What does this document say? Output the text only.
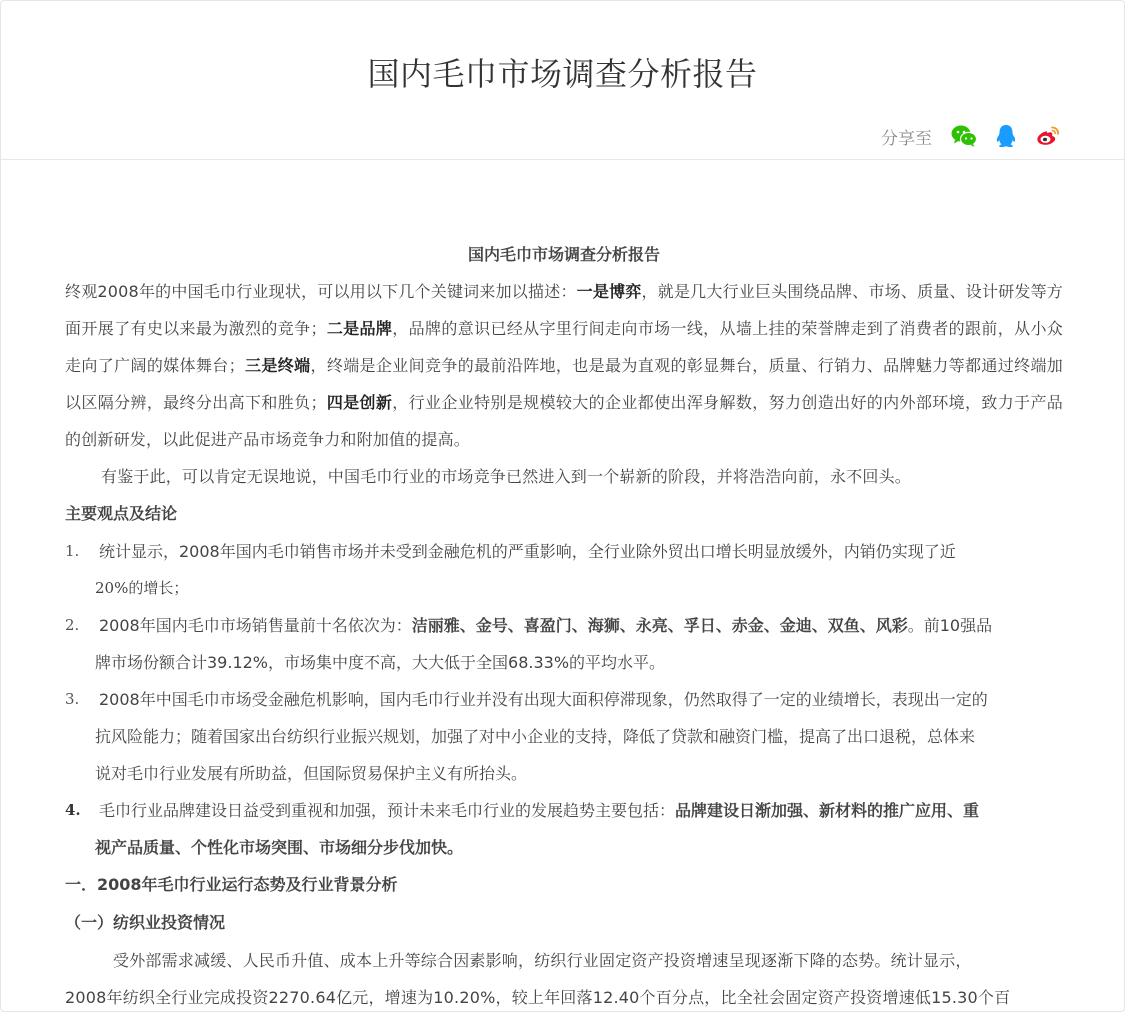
国内毛巾市场调查分析报告
分享至

国内毛巾市场调查分析报告

终观2008年的中国毛巾行业现状，可以用以下几个关键词来加以描述：一是博弈，就是几大行业巨头围绕品牌、市场、质量、设计研发等方面开展了有史以来最为激烈的竞争；二是品牌，品牌的意识已经从字里行间走向市场一线，从墙上挂的荣誉牌走到了消费者的跟前，从小众走向了广阔的媒体舞台；三是终端，终端是企业间竞争的最前沿阵地，也是最为直观的彰显舞台，质量、行销力、品牌魅力等都通过终端加以区隔分辨，最终分出高下和胜负；四是创新，行业企业特别是规模较大的企业都使出浑身解数，努力创造出好的内外部环境，致力于产品的创新研发，以此促进产品市场竞争力和附加值的提高。

有鉴于此，可以肯定无误地说，中国毛巾行业的市场竞争已然进入到一个崭新的阶段，并将浩浩向前，永不回头。

主要观点及结论

1.	统计显示，2008年国内毛巾销售市场并未受到金融危机的严重影响，全行业除外贸出口增长明显放缓外，内销仍实现了近
20%的增长；
2.	2008年国内毛巾市场销售量前十名依次为：洁丽雅、金号、喜盈门、海狮、永亮、孚日、赤金、金迪、双鱼、风彩。前10强品
牌市场份额合计39.12%，市场集中度不高，大大低于全国68.33%的平均水平。
3.	2008年中国毛巾市场受金融危机影响，国内毛巾行业并没有出现大面积停滞现象，仍然取得了一定的业绩增长，表现出一定的
抗风险能力；随着国家出台纺织行业振兴规划，加强了对中小企业的支持，降低了贷款和融资门槛，提高了出口退税，总体来
说对毛巾行业发展有所助益，但国际贸易保护主义有所抬头。
4.	毛巾行业品牌建设日益受到重视和加强，预计未来毛巾行业的发展趋势主要包括：品牌建设日渐加强、新材料的推广应用、重
视产品质量、个性化市场突围、市场细分步伐加快。

一．2008年毛巾行业运行态势及行业背景分析

（一）纺织业投资情况

受外部需求减缓、人民币升值、成本上升等综合因素影响，纺织行业固定资产投资增速呈现逐渐下降的态势。统计显示，

2008年纺织全行业完成投资2270.64亿元，增速为10.20%，较上年回落12.40个百分点，比全社会固定资产投资增速低15.30个百
